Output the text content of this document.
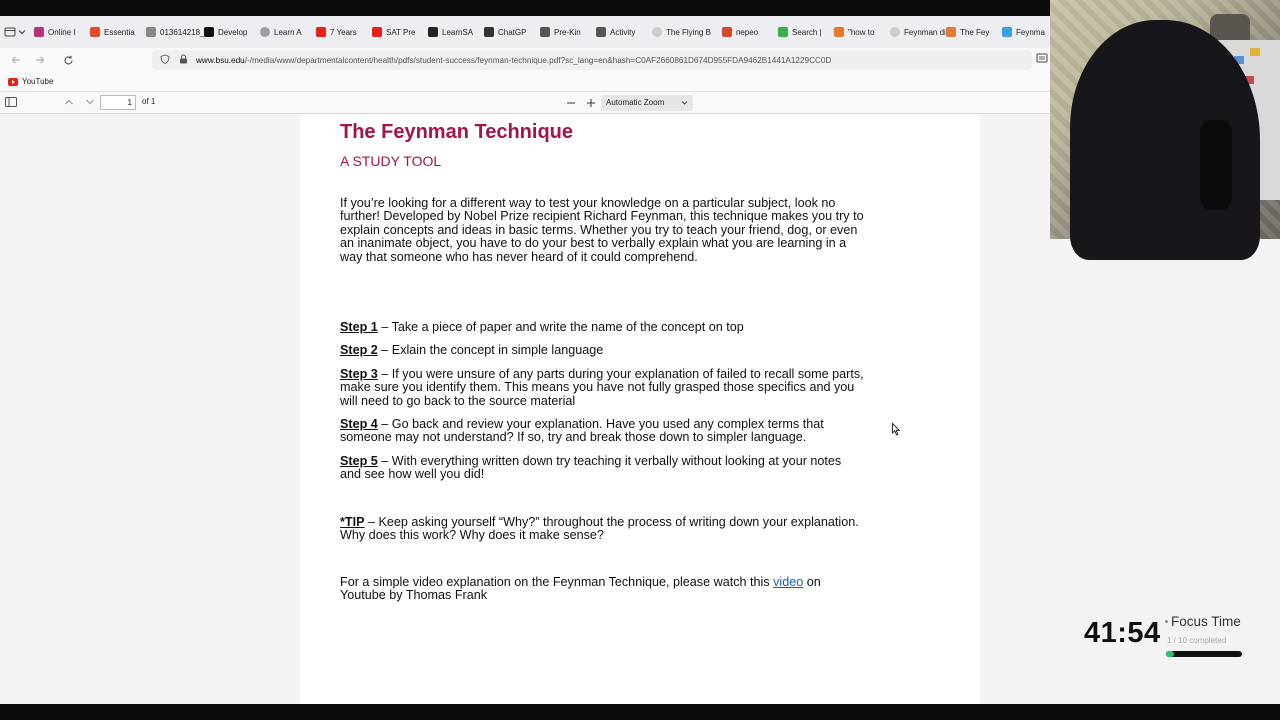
Online I	Essentia	013614218_ Develop	Learn A	7 Years	SAT Pre	LearnSA	ChatGP	Pre-Kin	Activity	The Flying B	перео	Search |	"how to	Feynman di The Fey	Feynma
www.bsu.edu/-/media/www/departmentalcontent/health/pdfs/student-success/feynman-technique.pdf?sc_lang=en&hash=C0AF2660861D674D955FDA9462B1441A1229CC0D
YouTube
1	of 1	Automatic Zoom
The Feynman Technique
A STUDY TOOL
If you’re looking for a different way to test your knowledge on a particular subject, look no
further! Developed by Nobel Prize recipient Richard Feynman, this technique makes you try to
explain concepts and ideas in basic terms. Whether you try to teach your friend, dog, or even
an inanimate object, you have to do your best to verbally explain what you are learning in a
way that someone who has never heard of it could comprehend.
Step 1 – Take a piece of paper and write the name of the concept on top
Step 2 – Exlain the concept in simple language
Step 3 – If you were unsure of any parts during your explanation of failed to recall some parts,
make sure you identify them. This means you have not fully grasped those specifics and you
will need to go back to the source material
Step 4 – Go back and review your explanation. Have you used any complex terms that
someone may not understand? If so, try and break those down to simpler language.
Step 5 – With everything written down try teaching it verbally without looking at your notes
and see how well you did!
*TIP – Keep asking yourself “Why?” throughout the process of writing down your explanation.
Why does this work? Why does it make sense?
For a simple video explanation on the Feynman Technique, please watch this video on
Youtube by Thomas Frank
41:54 Focus Time
1 / 10 completed
